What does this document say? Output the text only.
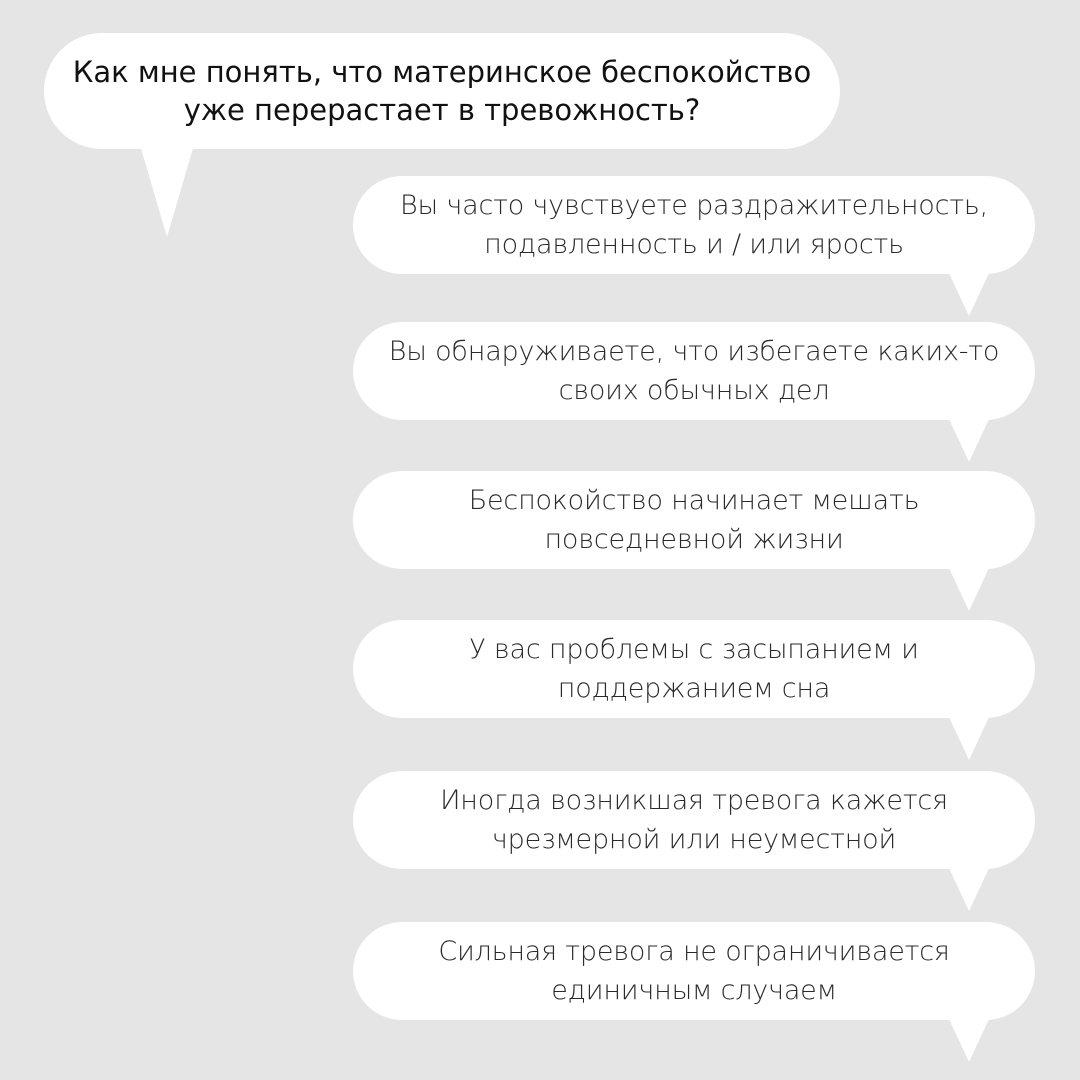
Как мне понять, что материнское беспокойство
уже перерастает в тревожность?
Вы часто чувствуете раздражительность,
подавленность и / или ярость
Вы обнаруживаете, что избегаете каких-то
своих обычных дел
Беспокойство начинает мешать
повседневной жизни
У вас проблемы с засыпанием и
поддержанием сна
Иногда возникшая тревога кажется
чрезмерной или неуместной
Сильная тревога не ограничивается
единичным случаем
